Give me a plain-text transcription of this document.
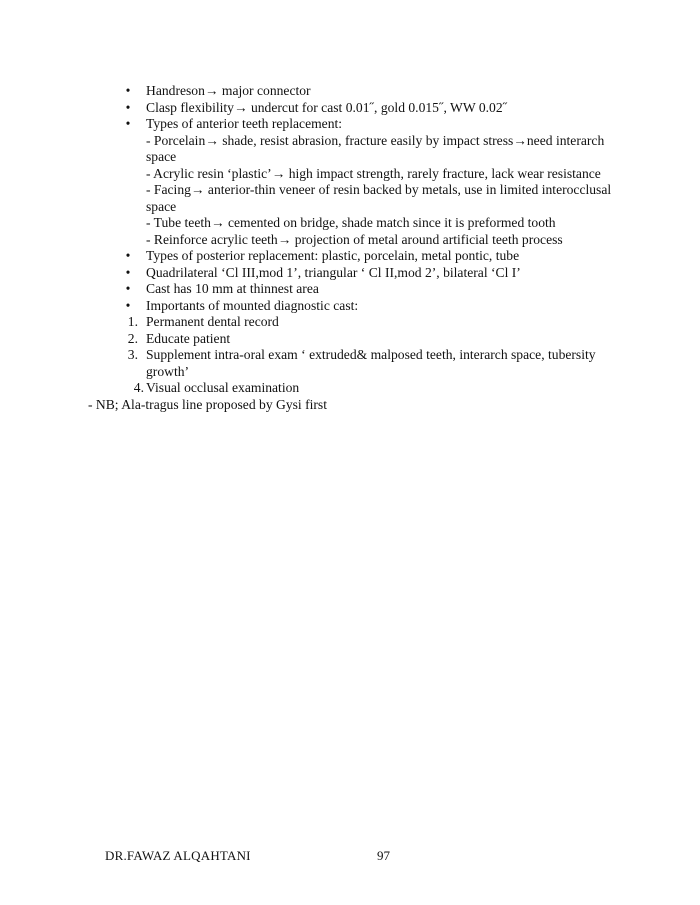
• Handreson→ major connector
• Clasp flexibility→ undercut for cast 0.01˝, gold 0.015˝, WW 0.02˝
• Types of anterior teeth replacement:
- Porcelain→ shade, resist abrasion, fracture easily by impact stress→need interarch
space
- Acrylic resin ‘plastic’→ high impact strength, rarely fracture, lack wear resistance
- Facing→ anterior-thin veneer of resin backed by metals, use in limited interocclusal
space
- Tube teeth→ cemented on bridge, shade match since it is preformed tooth
- Reinforce acrylic teeth→ projection of metal around artificial teeth process
• Types of posterior replacement: plastic, porcelain, metal pontic, tube
• Quadrilateral ‘Cl III,mod 1’, triangular ‘ Cl II,mod 2’, bilateral ‘Cl I’
• Cast has 10 mm at thinnest area
• Importants of mounted diagnostic cast:
1. Permanent dental record
2. Educate patient
3. Supplement intra-oral exam ‘ extruded& malposed teeth, interarch space, tubersity
growth’
4. Visual occlusal examination
- NB; Ala-tragus line proposed by Gysi first
DR.FAWAZ ALQAHTANI	97
